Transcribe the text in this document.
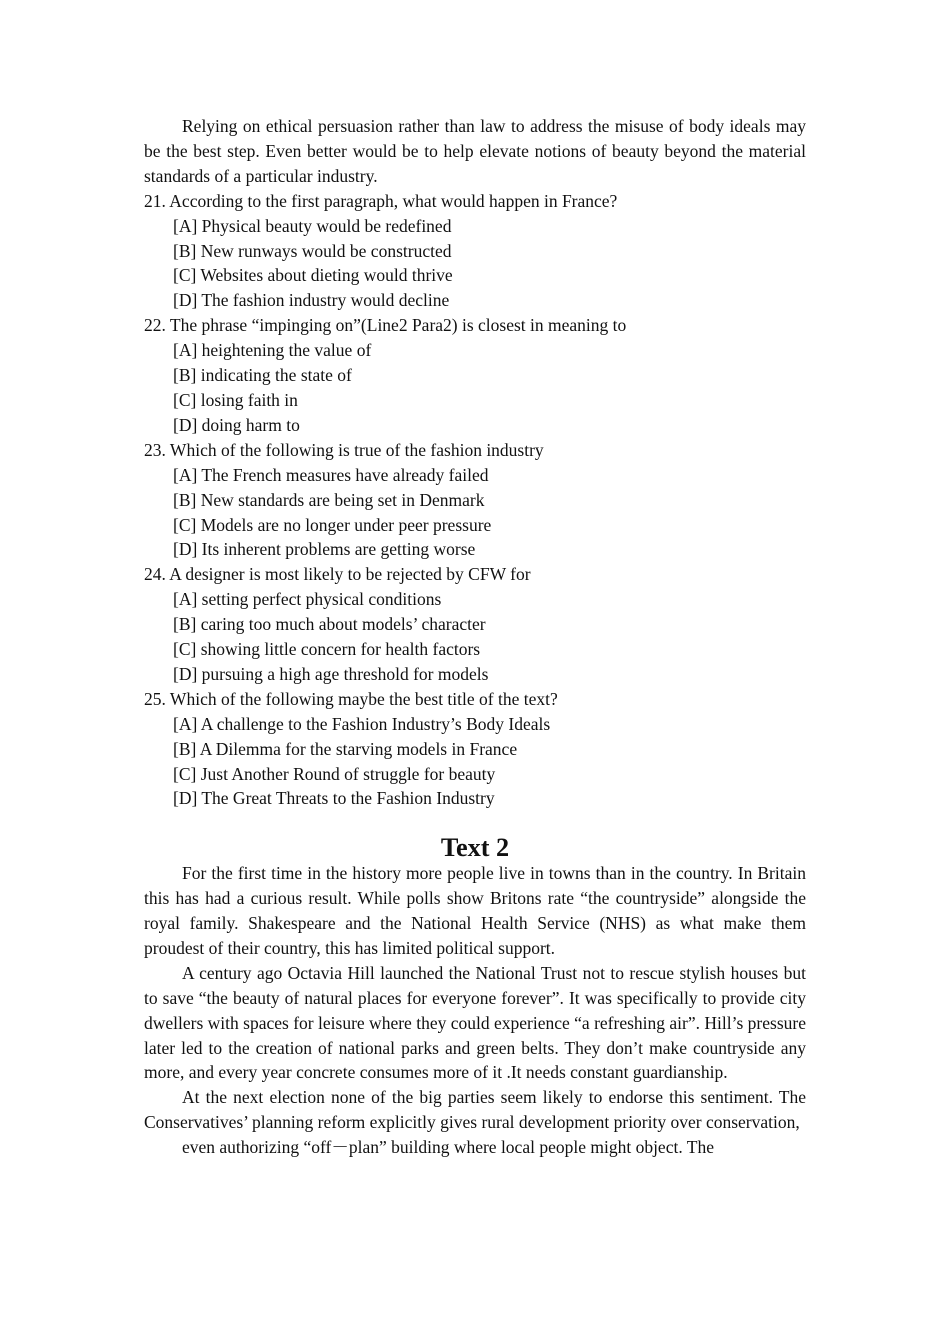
Relying on ethical persuasion rather than law to address the misuse of body ideals may be the best step. Even better would be to help elevate notions of beauty beyond the material standards of a particular industry.

21. According to the first paragraph, what would happen in France?

[A] Physical beauty would be redefined

[B] New runways would be constructed

[C] Websites about dieting would thrive

[D] The fashion industry would decline

22. The phrase “impinging on”(Line2 Para2) is closest in meaning to

[A] heightening the value of

[B] indicating the state of

[C] losing faith in

[D] doing harm to

23. Which of the following is true of the fashion industry

[A] The French measures have already failed

[B] New standards are being set in Denmark

[C] Models are no longer under peer pressure

[D] Its inherent problems are getting worse

24. A designer is most likely to be rejected by CFW for

[A] setting perfect physical conditions

[B] caring too much about models’ character

[C] showing little concern for health factors

[D] pursuing a high age threshold for models

25. Which of the following maybe the best title of the text?

[A] A challenge to the Fashion Industry’s Body Ideals

[B] A Dilemma for the starving models in France

[C] Just Another Round of struggle for beauty

[D] The Great Threats to the Fashion Industry

Text 2

For the first time in the history more people live in towns than in the country. In Britain this has had a curious result. While polls show Britons rate “the countryside” alongside the royal family. Shakespeare and the National Health Service (NHS) as what make them proudest of their country, this has limited political support.

A century ago Octavia Hill launched the National Trust not to rescue stylish houses but to save “the beauty of natural places for everyone forever”. It was specifically to provide city dwellers with spaces for leisure where they could experience “a refreshing air”. Hill’s pressure later led to the creation of national parks and green belts. They don’t make countryside any more, and every year concrete consumes more of it .It needs constant guardianship.

At the next election none of the big parties seem likely to endorse this sentiment. The Conservatives’ planning reform explicitly gives rural development priority over conservation,

even authorizing “off－plan” building where local people might object. The
